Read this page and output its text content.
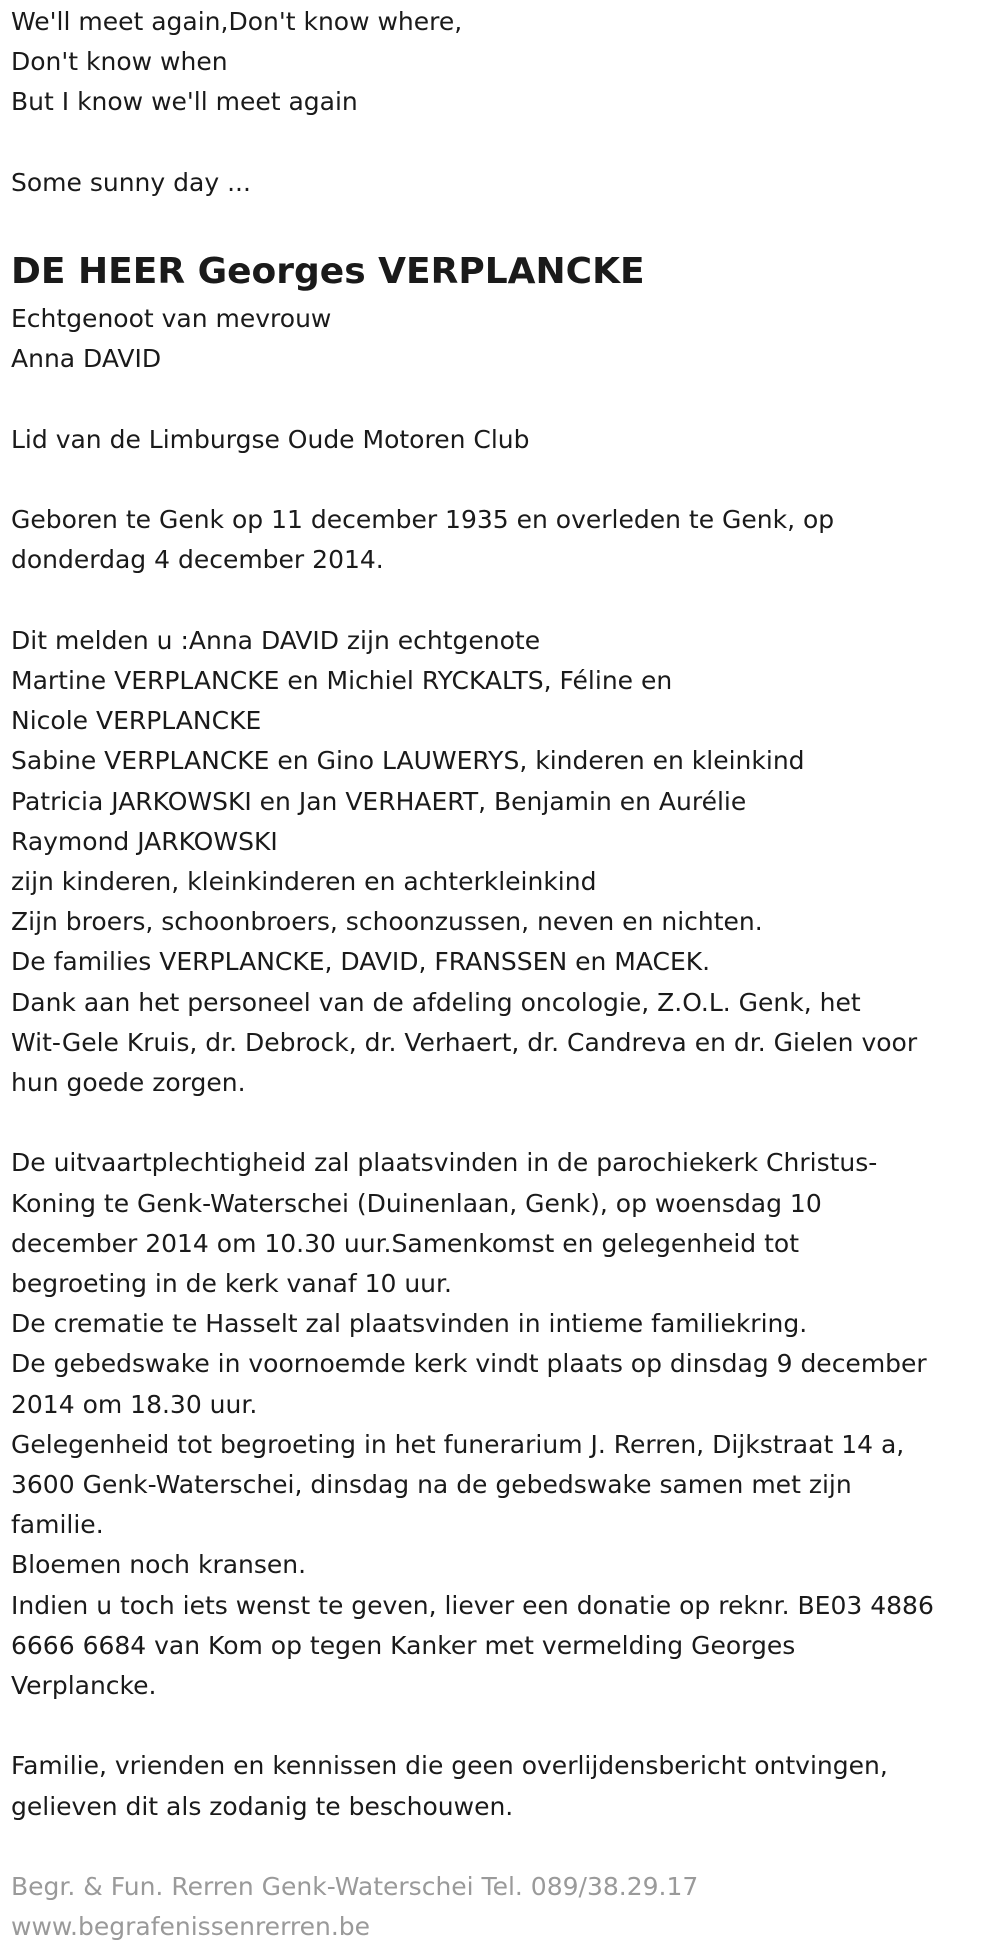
We'll meet again,Don't know where,

Don't know when

But I know we'll meet again

Some sunny day ...

DE HEER Georges VERPLANCKE

Echtgenoot van mevrouw

Anna DAVID

Lid van de Limburgse Oude Motoren Club

Geboren te Genk op 11 december 1935 en overleden te Genk, op

donderdag 4 december 2014.

Dit melden u :Anna DAVID zijn echtgenote

Martine VERPLANCKE en Michiel RYCKALTS, Féline en

Nicole VERPLANCKE

Sabine VERPLANCKE en Gino LAUWERYS, kinderen en kleinkind

Patricia JARKOWSKI en Jan VERHAERT, Benjamin en Aurélie

Raymond JARKOWSKI

zijn kinderen, kleinkinderen en achterkleinkind

Zijn broers, schoonbroers, schoonzussen, neven en nichten.

De families VERPLANCKE, DAVID, FRANSSEN en MACEK.

Dank aan het personeel van de afdeling oncologie, Z.O.L. Genk, het

Wit-Gele Kruis, dr. Debrock, dr. Verhaert, dr. Candreva en dr. Gielen voor

hun goede zorgen.

De uitvaartplechtigheid zal plaatsvinden in de parochiekerk Christus-

Koning te Genk-Waterschei (Duinenlaan, Genk), op woensdag 10

december 2014 om 10.30 uur.Samenkomst en gelegenheid tot

begroeting in de kerk vanaf 10 uur.

De crematie te Hasselt zal plaatsvinden in intieme familiekring.

De gebedswake in voornoemde kerk vindt plaats op dinsdag 9 december

2014 om 18.30 uur.

Gelegenheid tot begroeting in het funerarium J. Rerren, Dijkstraat 14 a,

3600 Genk-Waterschei, dinsdag na de gebedswake samen met zijn

familie.

Bloemen noch kransen.

Indien u toch iets wenst te geven, liever een donatie op reknr. BE03 4886

6666 6684 van Kom op tegen Kanker met vermelding Georges

Verplancke.

Familie, vrienden en kennissen die geen overlijdensbericht ontvingen,

gelieven dit als zodanig te beschouwen.

Begr. & Fun. Rerren Genk-Waterschei Tel. 089/38.29.17

www.begrafenissenrerren.be
